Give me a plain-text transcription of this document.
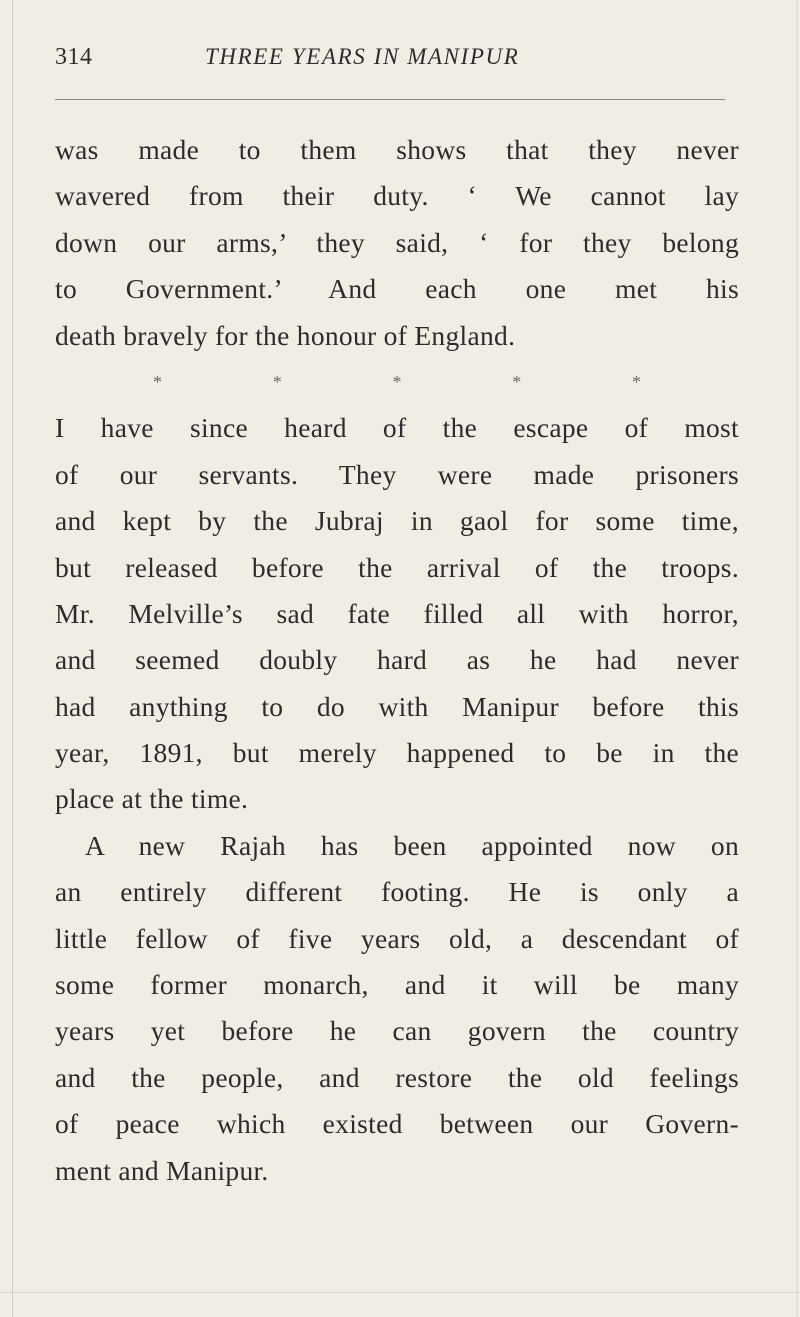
314	THREE YEARS IN MANIPUR
was made to them shows that they never
wavered from their duty. ‘ We cannot lay
down our arms,’ they said, ‘ for they belong
to Government.’ And each one met his
death bravely for the honour of England.
*	*	*	*	*
I have since heard of the escape of most
of our servants. They were made prisoners
and kept by the Jubraj in gaol for some time,
but released before the arrival of the troops.
Mr. Melville’s sad fate filled all with horror,
and seemed doubly hard as he had never
had anything to do with Manipur before this
year, 1891, but merely happened to be in the
place at the time.
A new Rajah has been appointed now on
an entirely different footing. He is only a
little fellow of five years old, a descendant of
some former monarch, and it will be many
years yet before he can govern the country
and the people, and restore the old feelings
of peace which existed between our Govern-
ment and Manipur.
